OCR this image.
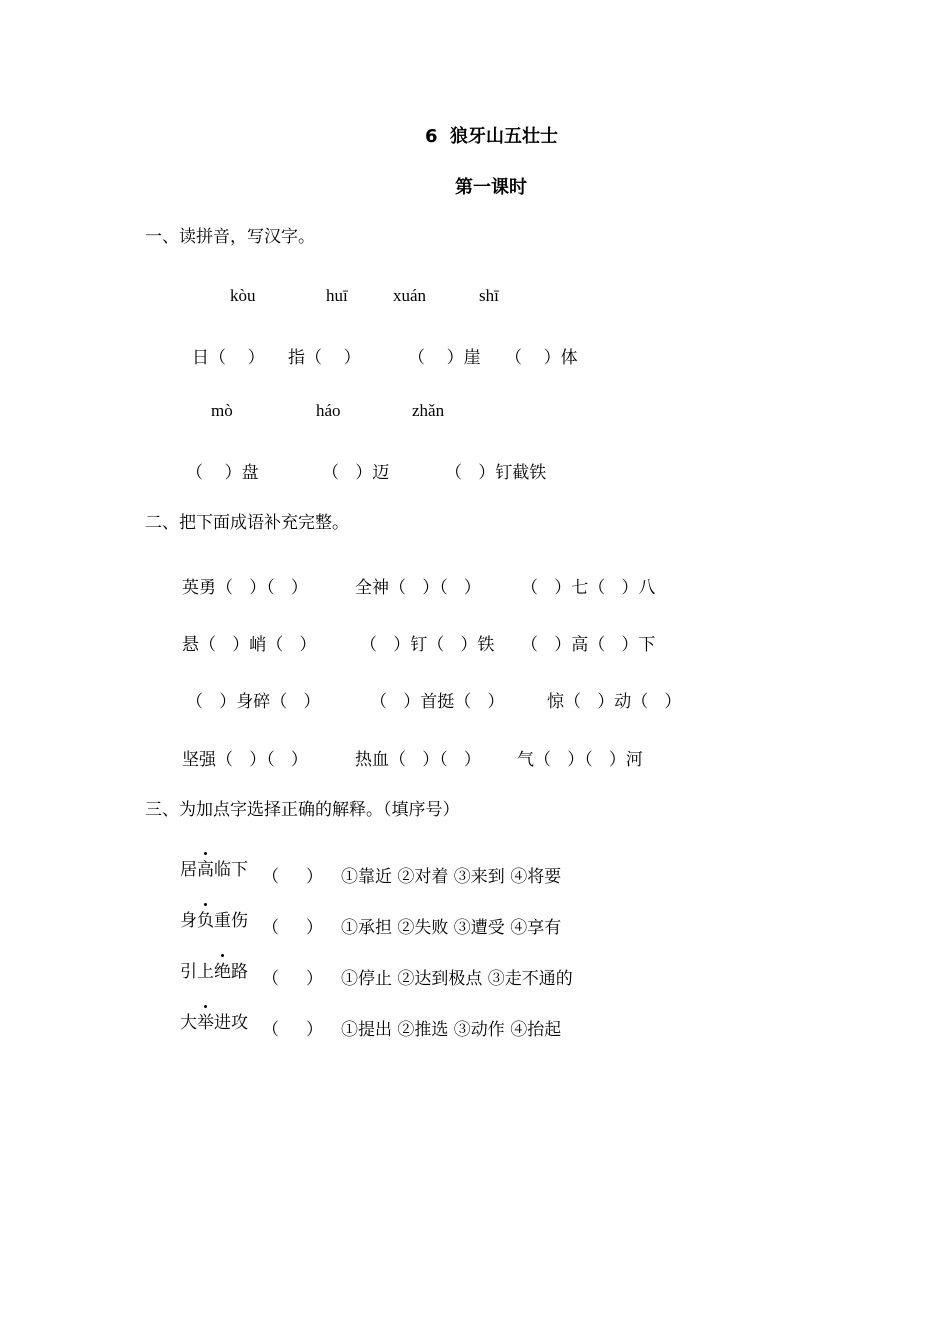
6  狼牙山五壮士
第一课时
一、读拼音，写汉字。
kòu	huī	xuán	shī
日（    ） 指（    ）	（    ）崖 （    ）体
mò	háo	zhǎn
（    ）盘	（   ）迈	（   ）钉截铁
二、把下面成语补充完整。
英勇（   ）（   ）	全神（   ）（   ） （   ）七（   ）八
悬（   ）峭（   ）	（   ）钉（   ）铁 （   ）高（   ）下
（   ）身碎（   ）	（   ）首挺（   ）	惊（   ）动（   ）
坚强（   ）（   ）	热血（   ）（   ） 气（   ）（   ）河
三、为加点字选择正确的解释。（填序号）
居高临下 （     ） ①靠近 ②对着 ③来到 ④将要
身负重伤 （     ） ①承担 ②失败 ③遭受 ④享有
引上绝路 （     ） ①停止 ②达到极点 ③走不通的
大举进攻 （     ） ①提出 ②推选 ③动作 ④抬起
